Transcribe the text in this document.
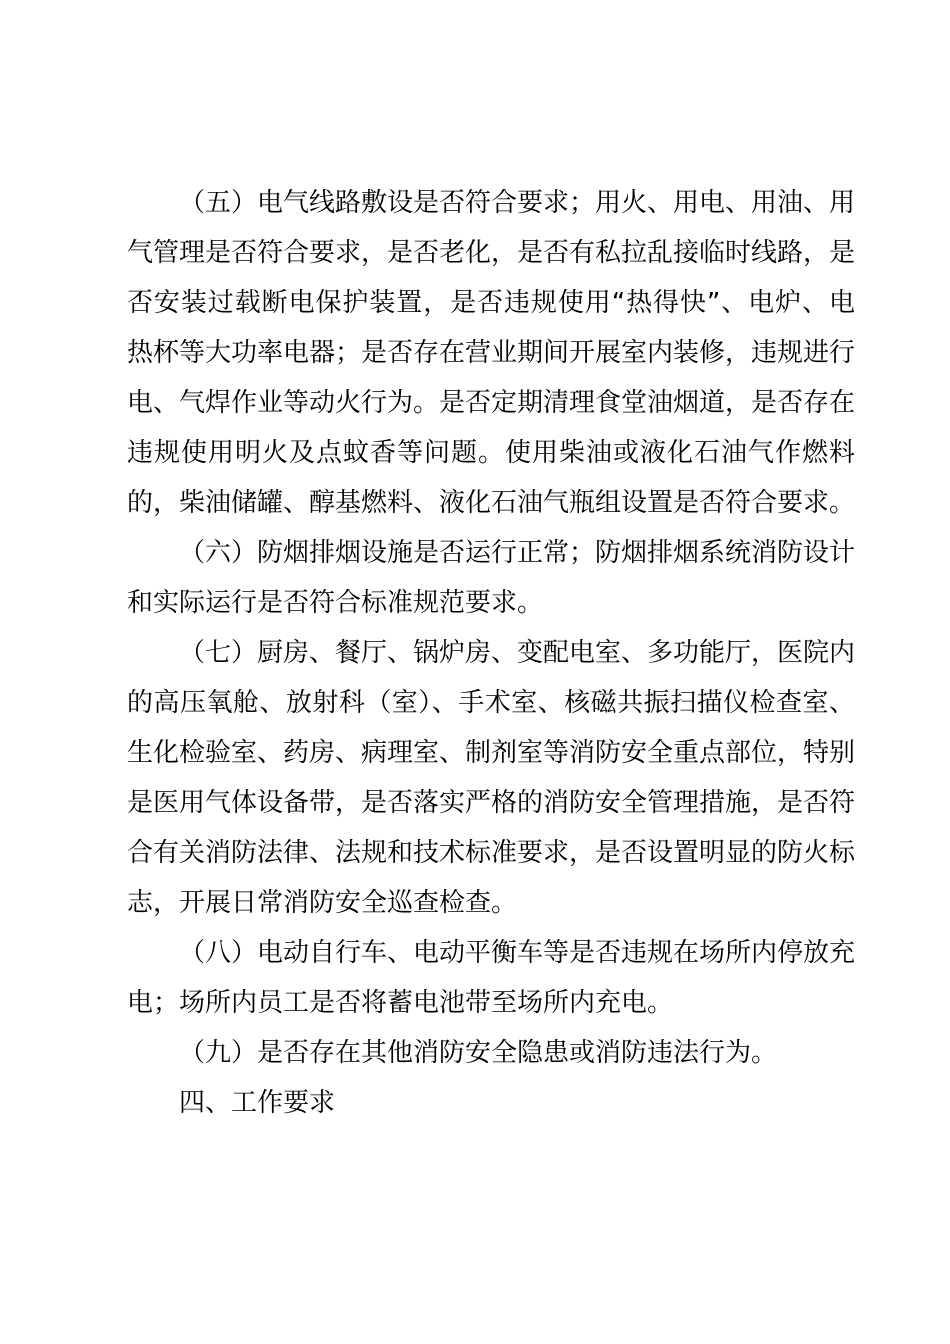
（五）电气线路敷设是否符合要求；用火、用电、用油、用气管理是否符合要求，是否老化，是否有私拉乱接临时线路，是否安装过载断电保护装置，是否违规使用“热得快”、电炉、电热杯等大功率电器；是否存在营业期间开展室内装修，违规进行电、气焊作业等动火行为。是否定期清理食堂油烟道，是否存在违规使用明火及点蚊香等问题。使用柴油或液化石油气作燃料的，柴油储罐、醇基燃料、液化石油气瓶组设置是否符合要求。

（六）防烟排烟设施是否运行正常；防烟排烟系统消防设计和实际运行是否符合标准规范要求。

（七）厨房、餐厅、锅炉房、变配电室、多功能厅，医院内的高压氧舱、放射科（室）、手术室、核磁共振扫描仪检查室、生化检验室、药房、病理室、制剂室等消防安全重点部位，特别是医用气体设备带，是否落实严格的消防安全管理措施，是否符合有关消防法律、法规和技术标准要求，是否设置明显的防火标志，开展日常消防安全巡查检查。

（八）电动自行车、电动平衡车等是否违规在场所内停放充电；场所内员工是否将蓄电池带至场所内充电。

（九）是否存在其他消防安全隐患或消防违法行为。

四、工作要求
